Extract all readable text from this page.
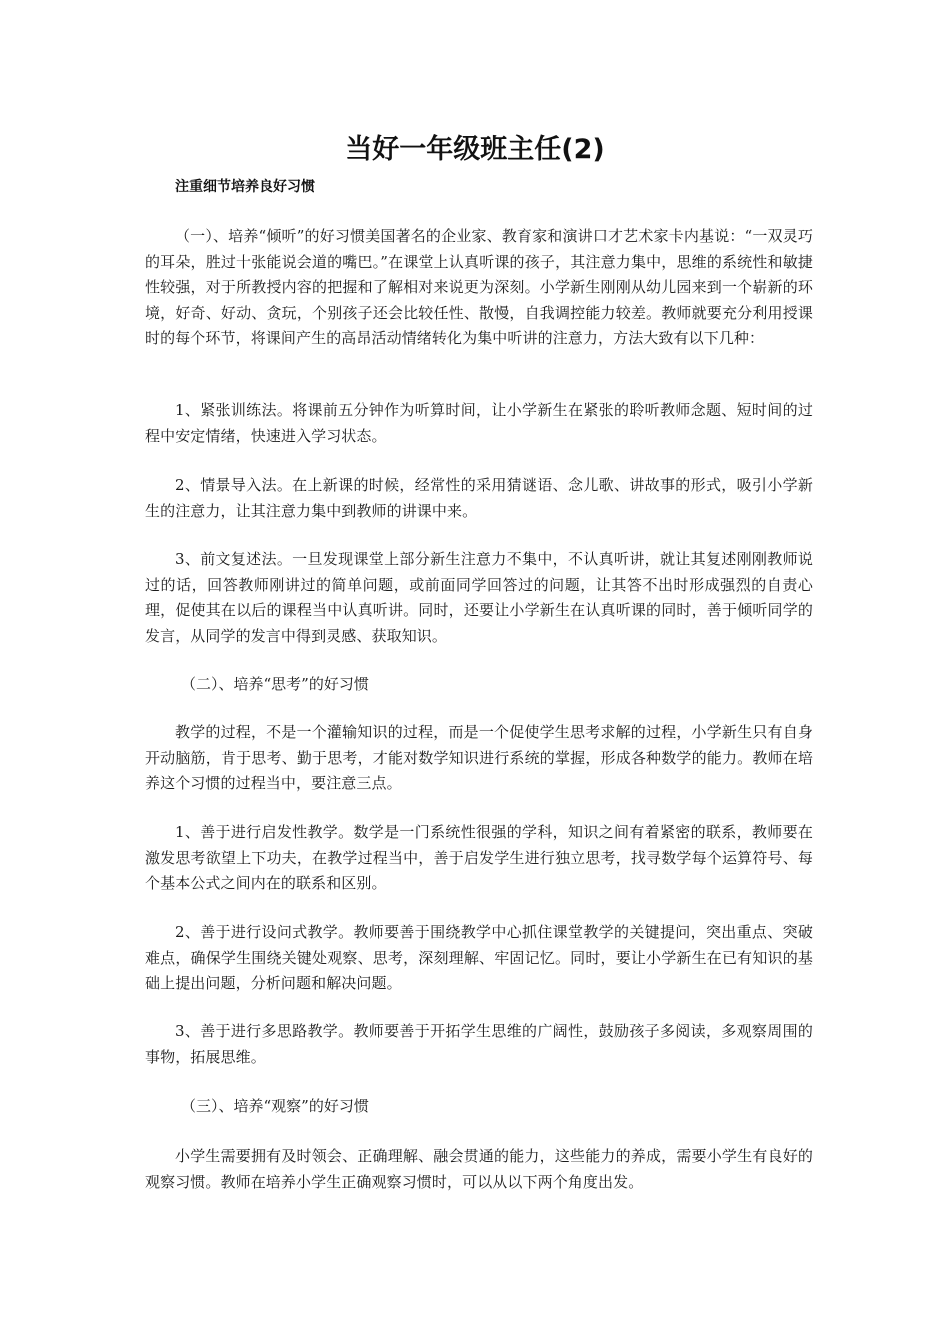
当好一年级班主任(2)
注重细节培养良好习惯

（一）、培养“倾听”的好习惯美国著名的企业家、教育家和演讲口才艺术家卡内基说：“一双灵巧的耳朵，胜过十张能说会道的嘴巴。”在课堂上认真听课的孩子，其注意力集中，思维的系统性和敏捷性较强，对于所教授内容的把握和了解相对来说更为深刻。小学新生刚刚从幼儿园来到一个崭新的环境，好奇、好动、贪玩，个别孩子还会比较任性、散慢，自我调控能力较差。教师就要充分利用授课时的每个环节，将课间产生的高昂活动情绪转化为集中听讲的注意力，方法大致有以下几种：

1、紧张训练法。将课前五分钟作为听算时间，让小学新生在紧张的聆听教师念题、短时间的过程中安定情绪，快速进入学习状态。

2、情景导入法。在上新课的时候，经常性的采用猜谜语、念儿歌、讲故事的形式，吸引小学新生的注意力，让其注意力集中到教师的讲课中来。

3、前文复述法。一旦发现课堂上部分新生注意力不集中，不认真听讲，就让其复述刚刚教师说过的话，回答教师刚讲过的简单问题，或前面同学回答过的问题，让其答不出时形成强烈的自责心理，促使其在以后的课程当中认真听讲。同时，还要让小学新生在认真听课的同时，善于倾听同学的发言，从同学的发言中得到灵感、获取知识。

（二）、培养“思考”的好习惯

教学的过程，不是一个灌输知识的过程，而是一个促使学生思考求解的过程，小学新生只有自身开动脑筋，肯于思考、勤于思考，才能对数学知识进行系统的掌握，形成各种数学的能力。教师在培养这个习惯的过程当中，要注意三点。

1、善于进行启发性教学。数学是一门系统性很强的学科，知识之间有着紧密的联系，教师要在激发思考欲望上下功夫，在教学过程当中，善于启发学生进行独立思考，找寻数学每个运算符号、每个基本公式之间内在的联系和区别。

2、善于进行设问式教学。教师要善于围绕教学中心抓住课堂教学的关键提问，突出重点、突破难点，确保学生围绕关键处观察、思考，深刻理解、牢固记忆。同时，要让小学新生在已有知识的基础上提出问题，分析问题和解决问题。

3、善于进行多思路教学。教师要善于开拓学生思维的广阔性，鼓励孩子多阅读，多观察周围的事物，拓展思维。

（三）、培养“观察”的好习惯

小学生需要拥有及时领会、正确理解、融会贯通的能力，这些能力的养成，需要小学生有良好的观察习惯。教师在培养小学生正确观察习惯时，可以从以下两个角度出发。
